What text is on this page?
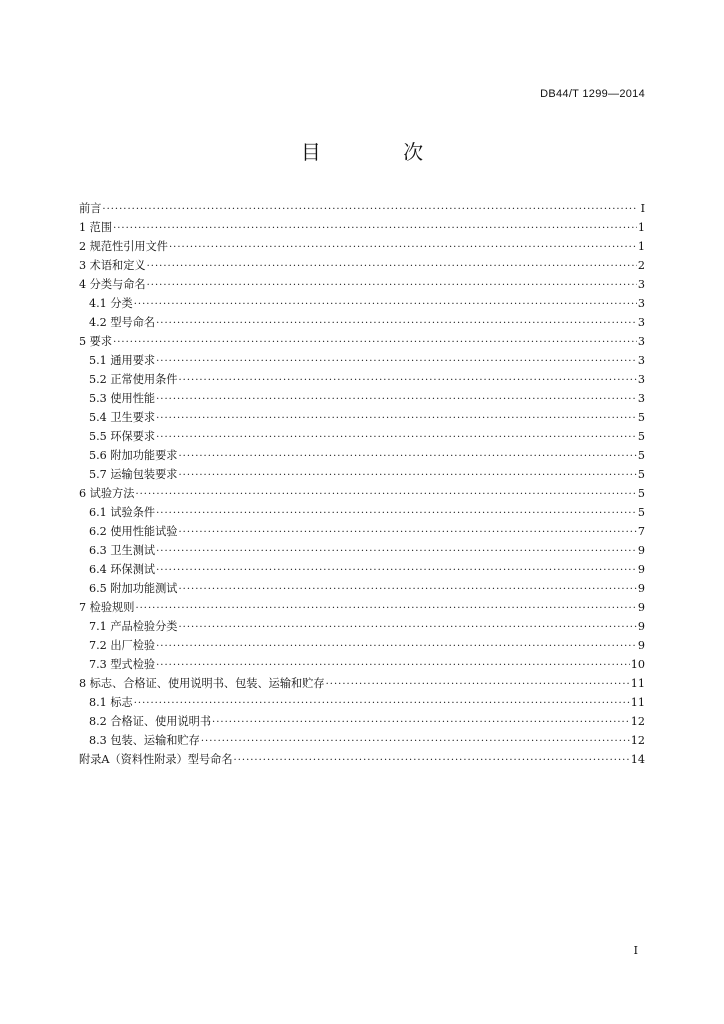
DB44/T 1299—2014
目 次
前言 ·····	I
1 范围 ·····	1
2 规范性引用文件 ·····	1
3 术语和定义 ·····	2
4 分类与命名 ·····	3
4.1 分类 ·····	3
4.2 型号命名 ·····	3
5 要求 ·····	3
5.1 通用要求 ·····	3
5.2 正常使用条件 ·····	3
5.3 使用性能 ·····	3
5.4 卫生要求 ·····	5
5.5 环保要求 ·····	5
5.6 附加功能要求 ·····	5
5.7 运输包装要求 ·····	5
6 试验方法 ·····	5
6.1 试验条件 ·····	5
6.2 使用性能试验 ·····	7
6.3 卫生测试 ·····	9
6.4 环保测试 ·····	9
6.5 附加功能测试 ·····	9
7 检验规则 ·····	9
7.1 产品检验分类 ·····	9
7.2 出厂检验 ·····	9
7.3 型式检验 ·····	10
8 标志、合格证、使用说明书、包装、运输和贮存 ·····	11
8.1 标志 ·····	11
8.2 合格证、使用说明书 ·····	12
8.3 包装、运输和贮存 ·····	12
附录A（资料性附录）型号命名 ·····	14
I
